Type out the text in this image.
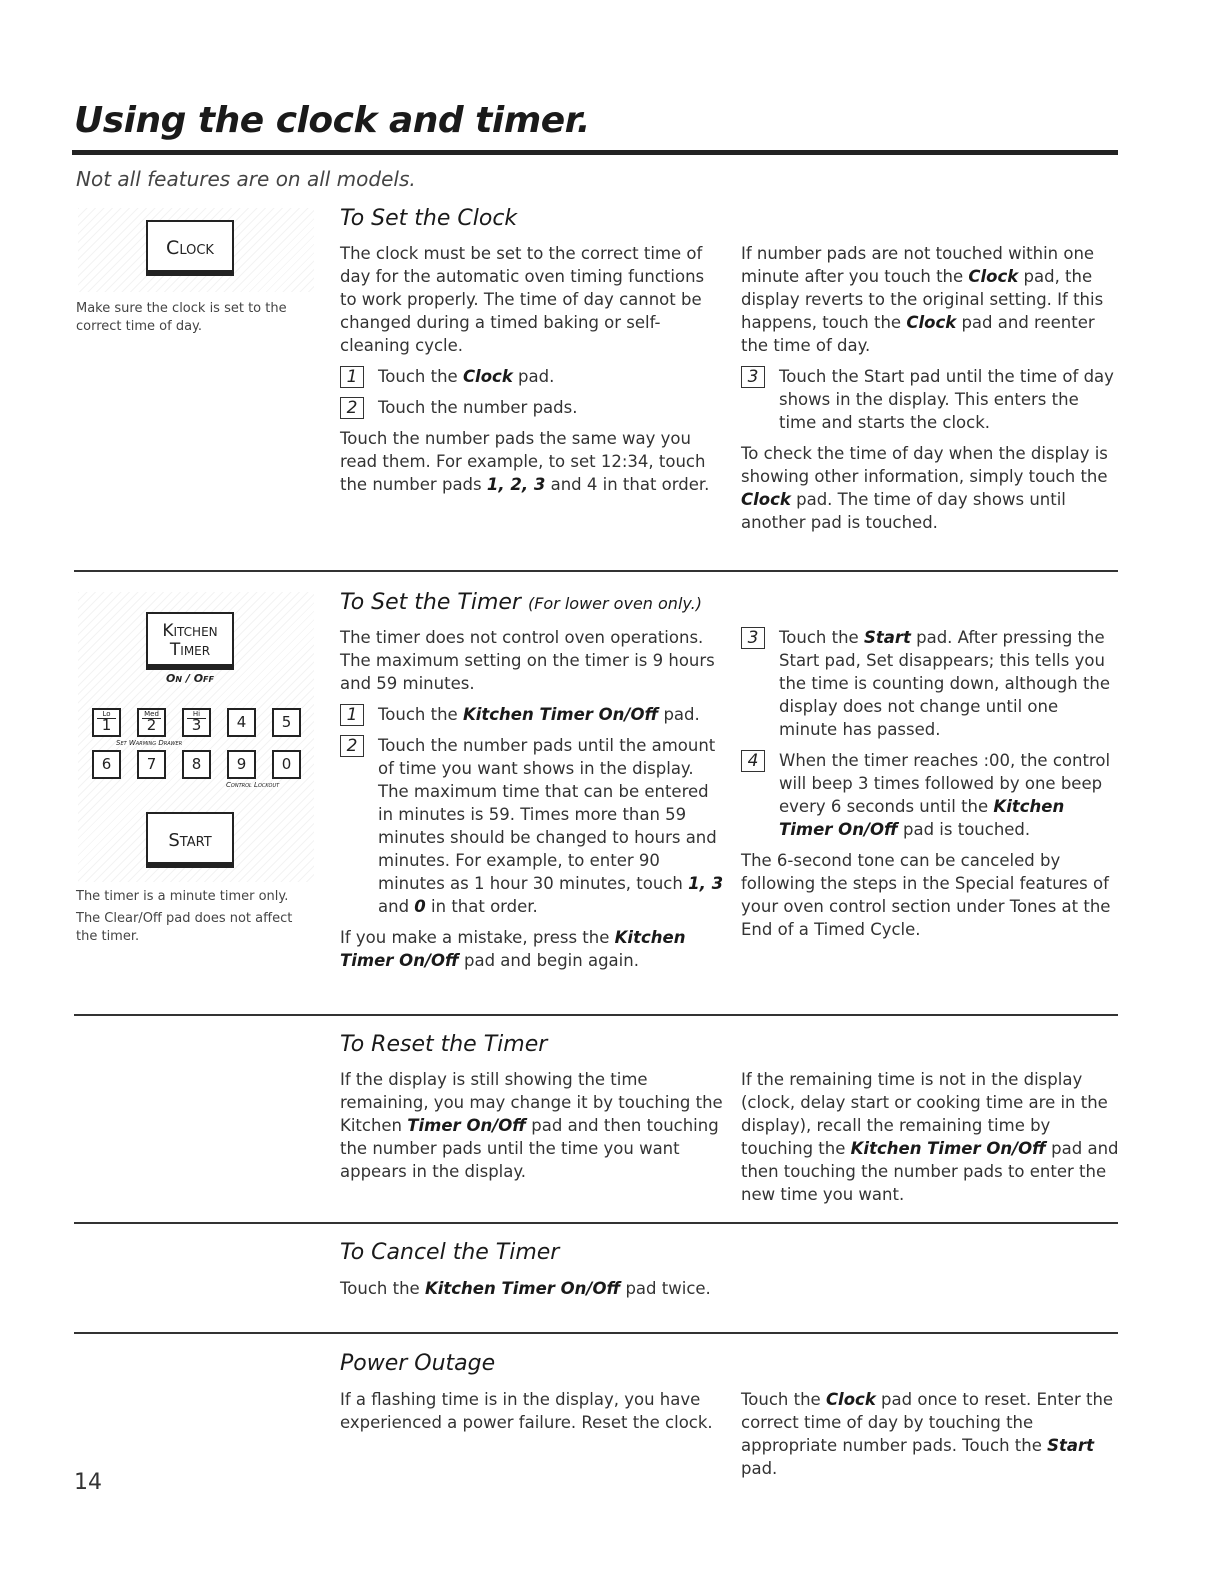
Using the clock and timer.
Not all features are on all models.
Clock
Make sure the clock is set to the correct time of day.
To Set the Clock

The clock must be set to the correct time of day for the automatic oven timing functions to work properly. The time of day cannot be changed during a timed baking or self-cleaning cycle.

1	Touch the Clock pad.
2	Touch the number pads.

Touch the number pads the same way you read them. For example, to set 12:34, touch the number pads 1, 2, 3 and 4 in that order.

If number pads are not touched within one minute after you touch the Clock pad, the display reverts to the original setting. If this happens, touch the Clock pad and reenter the time of day.

3	Touch the Start pad until the time of day shows in the display. This enters the time and starts the clock.

To check the time of day when the display is showing other information, simply touch the Clock pad. The time of day shows until another pad is touched.

Kitchen
Timer
On / Off
Lo
1
Med
2
Hi
3	4	5
Set Warming Drawer
6	7	8	9	0
Control Lockout
Start
The timer is a minute timer only.
The Clear/Off pad does not affect the timer.
To Set the Timer (For lower oven only.)

The timer does not control oven operations. The maximum setting on the timer is 9 hours and 59 minutes.

1	Touch the Kitchen Timer On/Off pad.
2	Touch the number pads until the amount of time you want shows in the display. The maximum time that can be entered in minutes is 59. Times more than 59 minutes should be changed to hours and minutes. For example, to enter 90 minutes as 1 hour 30 minutes, touch 1, 3 and 0 in that order.

If you make a mistake, press the Kitchen Timer On/Off pad and begin again.

3	Touch the Start pad. After pressing the Start pad, Set disappears; this tells you the time is counting down, although the display does not change until one minute has passed.
4	When the timer reaches :00, the control will beep 3 times followed by one beep every 6 seconds until the Kitchen Timer On/Off pad is touched.

The 6-second tone can be canceled by following the steps in the Special features of your oven control section under Tones at the End of a Timed Cycle.

To Reset the Timer

If the display is still showing the time remaining, you may change it by touching the Kitchen Timer On/Off pad and then touching the number pads until the time you want appears in the display.

If the remaining time is not in the display (clock, delay start or cooking time are in the display), recall the remaining time by touching the Kitchen Timer On/Off pad and then touching the number pads to enter the new time you want.

To Cancel the Timer

Touch the Kitchen Timer On/Off pad twice.

Power Outage

If a flashing time is in the display, you have experienced a power failure. Reset the clock.

Touch the Clock pad once to reset. Enter the correct time of day by touching the appropriate number pads. Touch the Start pad.

14
